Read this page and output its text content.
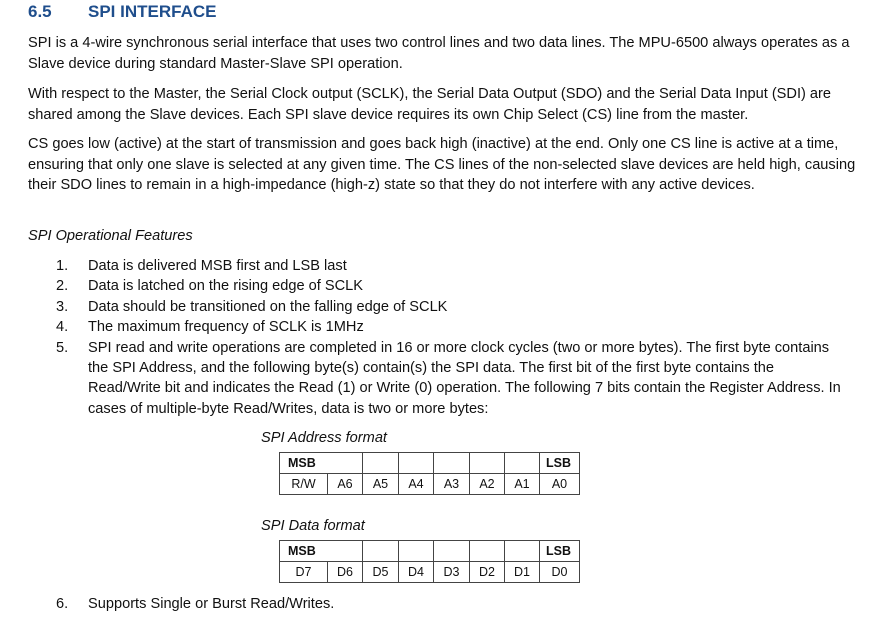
6.5 SPI INTERFACE
SPI is a 4-wire synchronous serial interface that uses two control lines and two data lines. The MPU-6500 always operates as a Slave device during standard Master-Slave SPI operation.
With respect to the Master, the Serial Clock output (SCLK), the Serial Data Output (SDO) and the Serial Data Input (SDI) are shared among the Slave devices. Each SPI slave device requires its own Chip Select (CS) line from the master.
CS goes low (active) at the start of transmission and goes back high (inactive) at the end. Only one CS line is active at a time, ensuring that only one slave is selected at any given time. The CS lines of the non-selected slave devices are held high, causing their SDO lines to remain in a high-impedance (high-z) state so that they do not interfere with any active devices.
SPI Operational Features
1.	Data is delivered MSB first and LSB last
2.	Data is latched on the rising edge of SCLK
3.	Data should be transitioned on the falling edge of SCLK
4.	The maximum frequency of SCLK is 1MHz
5.	SPI read and write operations are completed in 16 or more clock cycles (two or more bytes). The first byte contains the SPI Address, and the following byte(s) contain(s) the SPI data. The first bit of the first byte contains the Read/Write bit and indicates the Read (1) or Write (0) operation. The following 7 bits contain the Register Address. In cases of multiple-byte Read/Writes, data is two or more bytes:
SPI Address format
MSB							LSB
R/W	A6	A5	A4	A3	A2	A1	A0
SPI Data format
MSB							LSB
D7	D6	D5	D4	D3	D2	D1	D0
6.	Supports Single or Burst Read/Writes.
